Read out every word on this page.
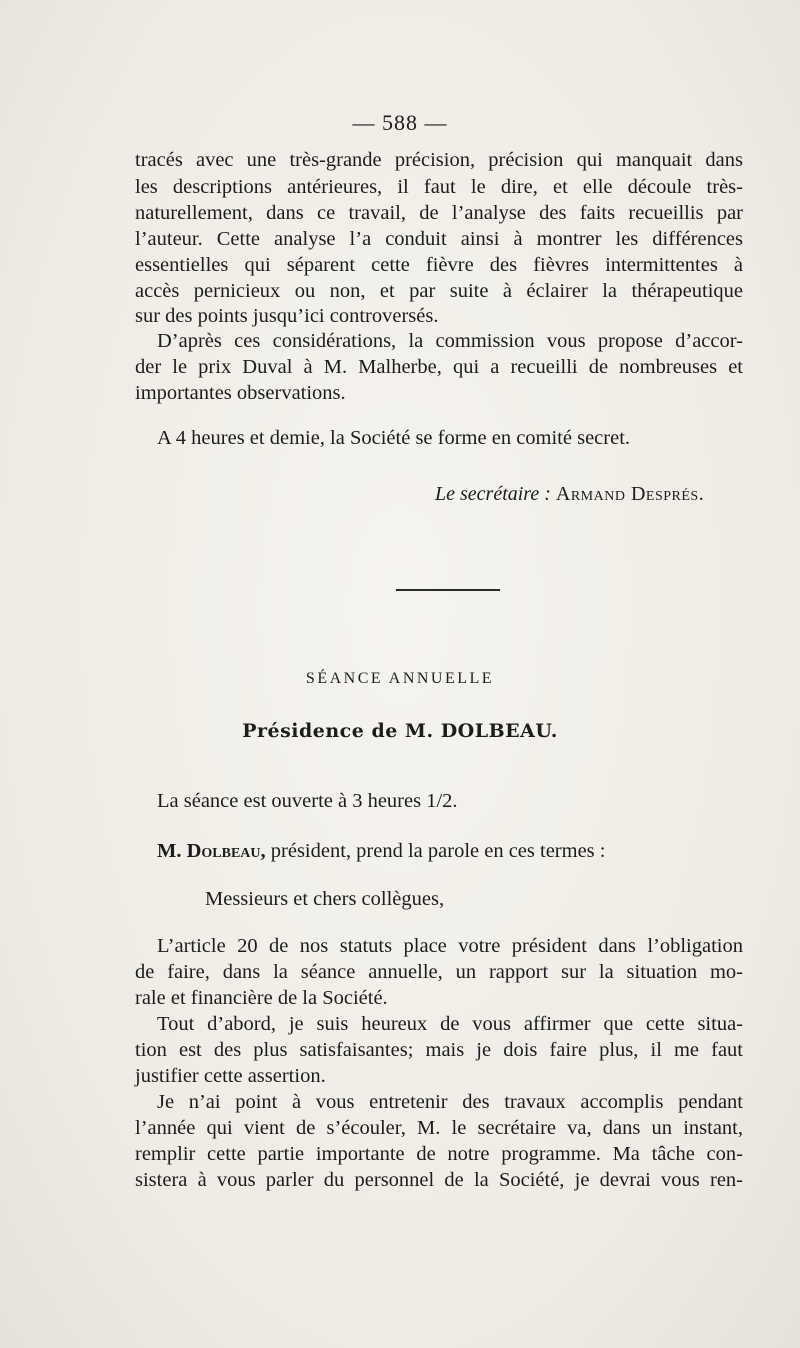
— 588 —
tracés avec une très-grande précision, précision qui manquait dans
les descriptions antérieures, il faut le dire, et elle découle très-
naturellement, dans ce travail, de l’analyse des faits recueillis par
l’auteur. Cette analyse l’a conduit ainsi à montrer les différences
essentielles qui séparent cette fièvre des fièvres intermittentes à
accès pernicieux ou non, et par suite à éclairer la thérapeutique
sur des points jusqu’ici controversés.
D’après ces considérations, la commission vous propose d’accor-
der le prix Duval à M. Malherbe, qui a recueilli de nombreuses et
importantes observations.
A 4 heures et demie, la Société se forme en comité secret.
Le secrétaire : Armand Després.
SÉANCE ANNUELLE
Présidence de M. DOLBEAU.
La séance est ouverte à 3 heures 1/2.
M. Dolbeau, président, prend la parole en ces termes :
Messieurs et chers collègues,
L’article 20 de nos statuts place votre président dans l’obligation
de faire, dans la séance annuelle, un rapport sur la situation mo-
rale et financière de la Société.
Tout d’abord, je suis heureux de vous affirmer que cette situa-
tion est des plus satisfaisantes; mais je dois faire plus, il me faut
justifier cette assertion.
Je n’ai point à vous entretenir des travaux accomplis pendant
l’année qui vient de s’écouler, M. le secrétaire va, dans un instant,
remplir cette partie importante de notre programme. Ma tâche con-
sistera à vous parler du personnel de la Société, je devrai vous ren-
